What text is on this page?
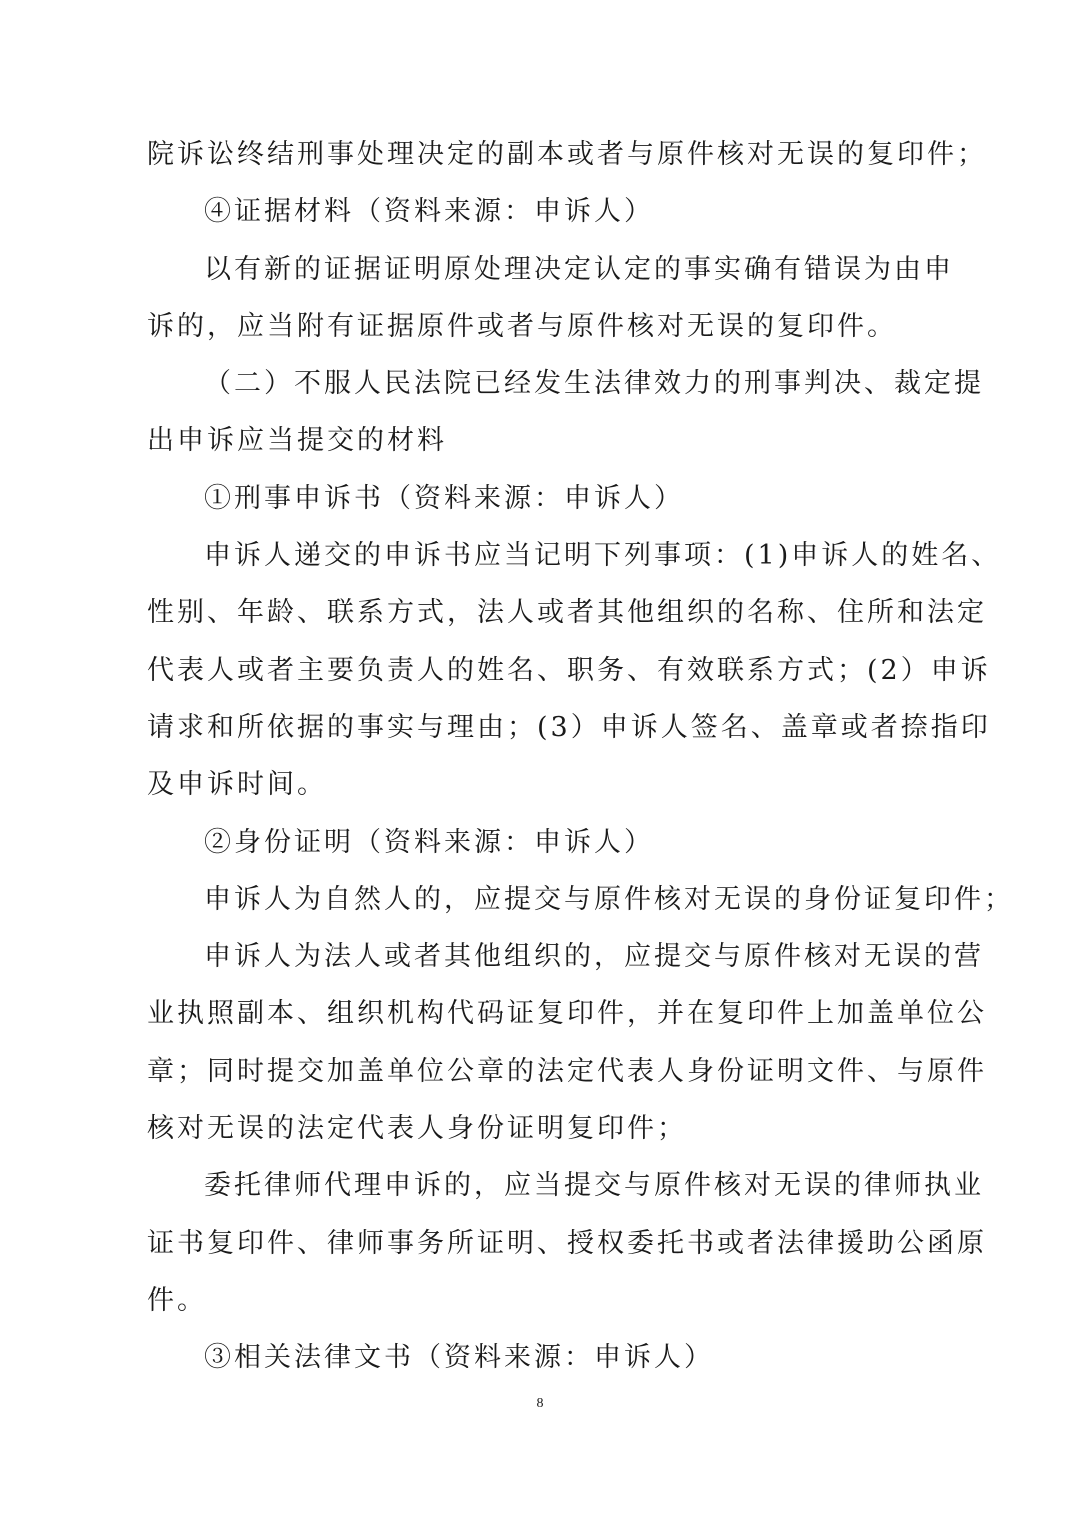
院诉讼终结刑事处理决定的副本或者与原件核对无误的复印件；
④证据材料（资料来源：申诉人）
以有新的证据证明原处理决定认定的事实确有错误为由申
诉的，应当附有证据原件或者与原件核对无误的复印件。
（二）不服人民法院已经发生法律效力的刑事判决、裁定提
出申诉应当提交的材料
①刑事申诉书（资料来源：申诉人）
申诉人递交的申诉书应当记明下列事项：(1)申诉人的姓名、
性别、年龄、联系方式，法人或者其他组织的名称、住所和法定
代表人或者主要负责人的姓名、职务、有效联系方式；(2）申诉
请求和所依据的事实与理由；(3）申诉人签名、盖章或者捺指印
及申诉时间。
②身份证明（资料来源：申诉人）
申诉人为自然人的，应提交与原件核对无误的身份证复印件；
申诉人为法人或者其他组织的，应提交与原件核对无误的营
业执照副本、组织机构代码证复印件，并在复印件上加盖单位公
章；同时提交加盖单位公章的法定代表人身份证明文件、与原件
核对无误的法定代表人身份证明复印件；
委托律师代理申诉的，应当提交与原件核对无误的律师执业
证书复印件、律师事务所证明、授权委托书或者法律援助公函原
件。
③相关法律文书（资料来源：申诉人）
8
